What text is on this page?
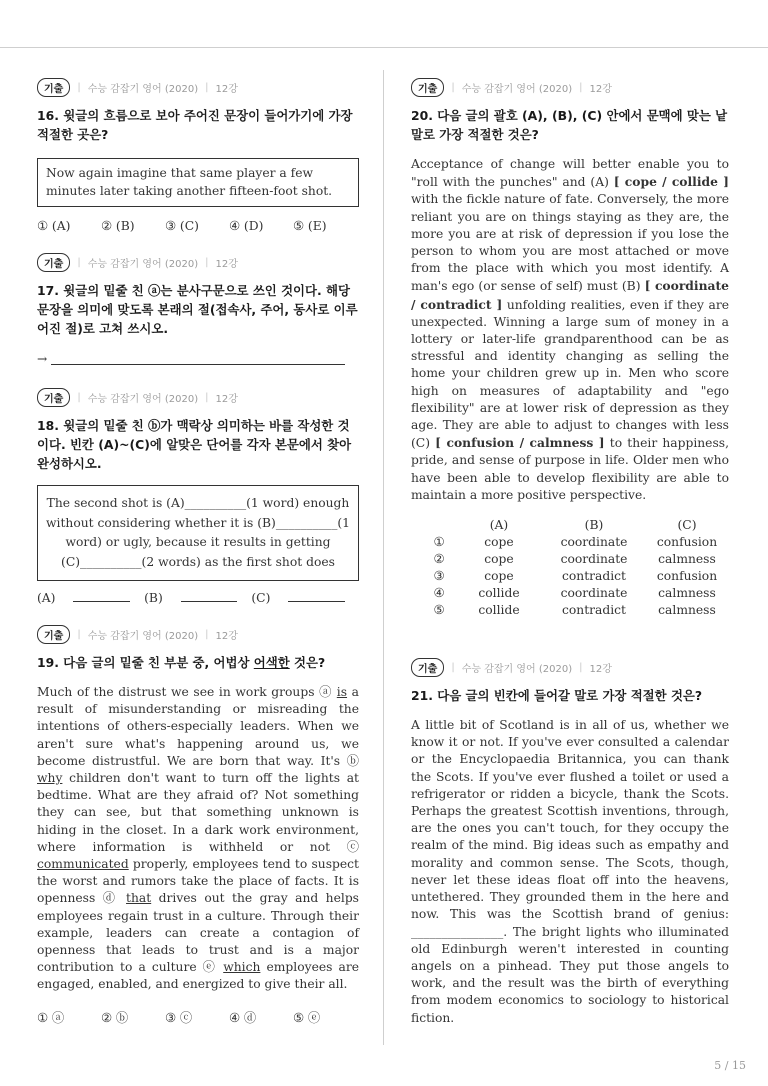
기출	| 수능 감잡기 영어 (2020) | 12강

16. 윗글의 흐름으로 보아 주어진 문장이 들어가기에 가장 적절한 곳은?

Now again imagine that same player a few minutes later taking another fifteen-foot shot.
① (A)	② (B)	③ (C)	④ (D)	⑤ (E)
기출	| 수능 감잡기 영어 (2020) | 12강

17. 윗글의 밑줄 친 ⓐ는 분사구문으로 쓰인 것이다. 해당 문장을 의미에 맞도록 본래의 절(접속사, 주어, 동사로 이루어진 절)로 고쳐 쓰시오.

→
기출	| 수능 감잡기 영어 (2020) | 12강

18. 윗글의 밑줄 친 ⓑ가 맥락상 의미하는 바를 작성한 것이다. 빈칸 (A)~(C)에 알맞은 단어를 각자 본문에서 찾아 완성하시오.

The second shot is (A)__________(1 word) enough without considering whether it is (B)__________(1 word) or ugly, because it results in getting (C)__________(2 words) as the first shot does
(A)	(B)	(C)
기출	| 수능 감잡기 영어 (2020) | 12강

19. 다음 글의 밑줄 친 부분 중, 어법상 어색한 것은?

Much of the distrust we see in work groups ⓐ is a result of misunderstanding or misreading the intentions of others-especially leaders. When we aren't sure what's happening around us, we become distrustful. We are born that way. It's ⓑ why children don't want to turn off the lights at bedtime. What are they afraid of? Not something they can see, but that something unknown is hiding in the closet. In a dark work environment, where information is withheld or not ⓒ communicated properly, employees tend to suspect the worst and rumors take the place of facts. It is openness ⓓ that drives out the gray and helps employees regain trust in a culture. Through their example, leaders can create a contagion of openness that leads to trust and is a major contribution to a culture ⓔ which employees are engaged, enabled, and energized to give their all.

① ⓐ	② ⓑ	③ ⓒ	④ ⓓ	⑤ ⓔ
기출	| 수능 감잡기 영어 (2020) | 12강

20. 다음 글의 괄호 (A), (B), (C) 안에서 문맥에 맞는 낱말로 가장 적절한 것은?

Acceptance of change will better enable you to "roll with the punches" and (A) [ cope / collide ] with the fickle nature of fate. Conversely, the more reliant you are on things staying as they are, the more you are at risk of depression if you lose the person to whom you are most attached or move from the place with which you most identify. A man's ego (or sense of self) must (B) [ coordinate / contradict ] unfolding realities, even if they are unexpected. Winning a large sum of money in a lottery or later-life grandparenthood can be as stressful and identity changing as selling the home your children grew up in. Men who score high on measures of adaptability and "ego flexibility" are at lower risk of depression as they age. They are able to adjust to changes with less (C) [ confusion / calmness ] to their happiness, pride, and sense of purpose in life. Older men who have been able to develop flexibility are able to maintain a more positive perspective.

	(A)	(B)	(C)
①	cope	coordinate	confusion
②	cope	coordinate	calmness
③	cope	contradict	confusion
④	collide	coordinate	calmness
⑤	collide	contradict	calmness
기출	| 수능 감잡기 영어 (2020) | 12강

21. 다음 글의 빈칸에 들어갈 말로 가장 적절한 것은?

A little bit of Scotland is in all of us, whether we know it or not. If you've ever consulted a calendar or the Encyclopaedia Britannica, you can thank the Scots. If you've ever flushed a toilet or used a refrigerator or ridden a bicycle, thank the Scots. Perhaps the greatest Scottish inventions, through, are the ones you can't touch, for they occupy the realm of the mind. Big ideas such as empathy and morality and common sense. The Scots, though, never let these ideas float off into the heavens, untethered. They grounded them in the here and now. This was the Scottish brand of genius: _______________. The bright lights who illuminated old Edinburgh weren't interested in counting angels on a pinhead. They put those angels to work, and the result was the birth of everything from modem economics to sociology to historical fiction.

5 / 15
